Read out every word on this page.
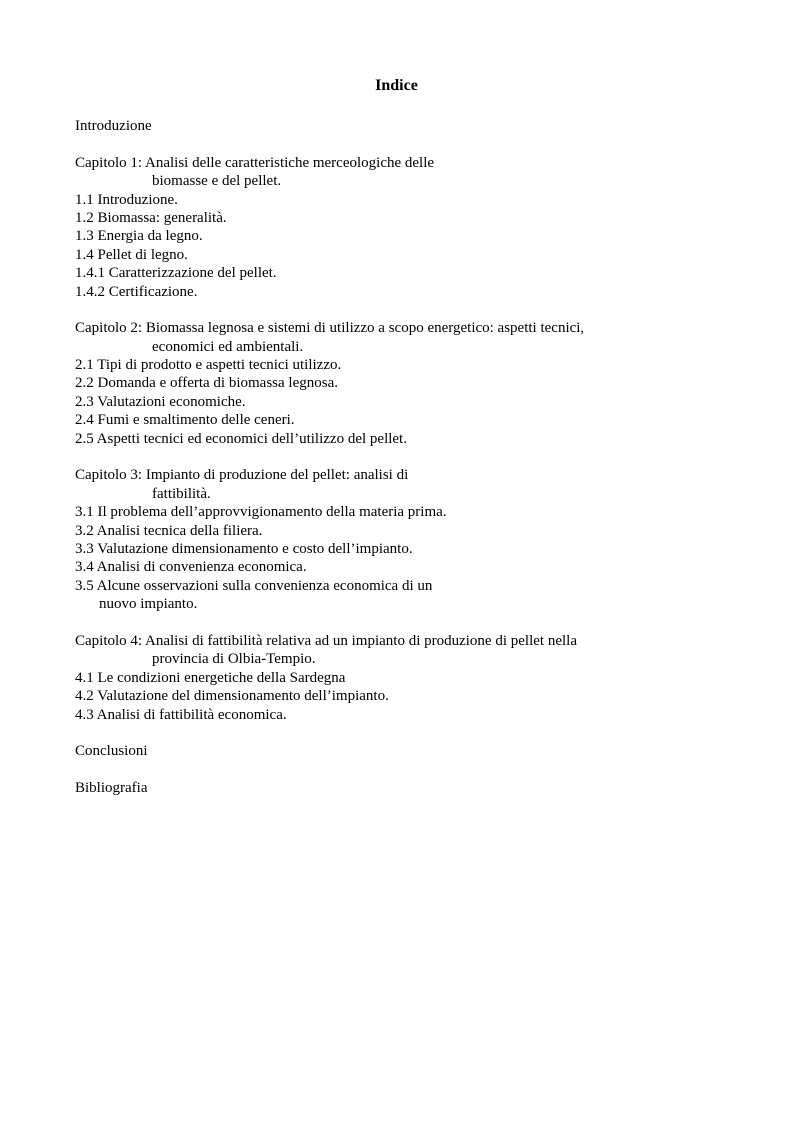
Indice
Introduzione
Capitolo 1: Analisi delle caratteristiche merceologiche delle
biomasse e del pellet.
1.1 Introduzione.
1.2 Biomassa: generalità.
1.3 Energia da legno.
1.4 Pellet di legno.
1.4.1 Caratterizzazione del pellet.
1.4.2 Certificazione.
Capitolo 2: Biomassa legnosa e sistemi di utilizzo a scopo energetico: aspetti tecnici,
economici ed ambientali.
2.1 Tipi di prodotto e aspetti tecnici utilizzo.
2.2 Domanda e offerta di biomassa legnosa.
2.3 Valutazioni economiche.
2.4 Fumi e smaltimento delle ceneri.
2.5 Aspetti tecnici ed economici dell’utilizzo del pellet.
Capitolo 3: Impianto di produzione del pellet: analisi di
fattibilità.
3.1 Il problema dell’approvvigionamento della materia prima.
3.2 Analisi tecnica della filiera.
3.3 Valutazione dimensionamento e costo dell’impianto.
3.4 Analisi di convenienza economica.
3.5 Alcune osservazioni sulla convenienza economica di un
nuovo impianto.
Capitolo 4: Analisi di fattibilità relativa ad un impianto di produzione di pellet nella
provincia di Olbia-Tempio.
4.1 Le condizioni energetiche della Sardegna
4.2 Valutazione del dimensionamento dell’impianto.
4.3 Analisi di fattibilità economica.
Conclusioni
Bibliografia
